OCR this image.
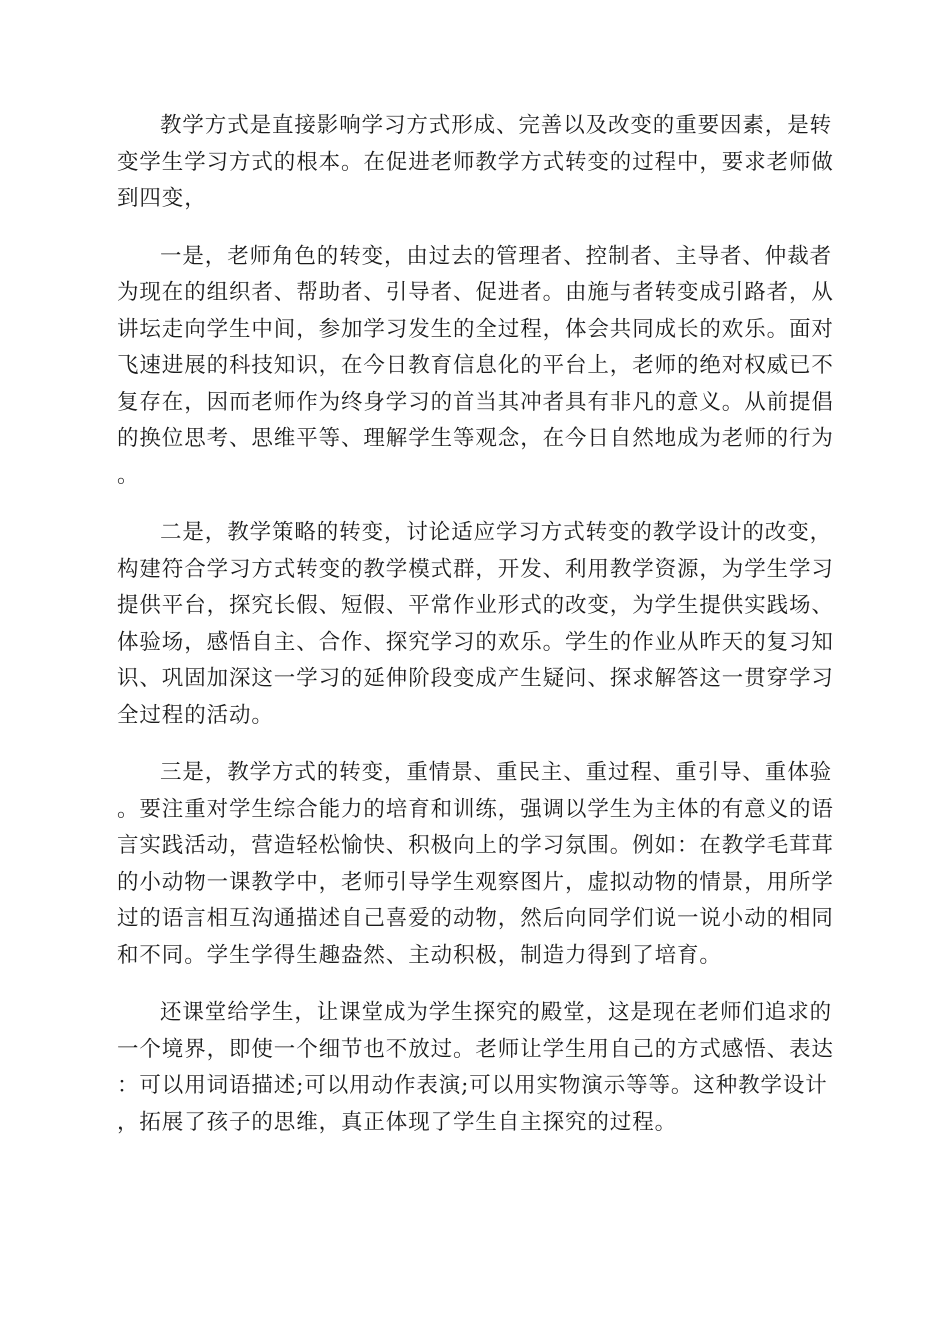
教学方式是直接影响学习方式形成、完善以及改变的重要因素，是转变学生学习方式的根本。在促进老师教学方式转变的过程中，要求老师做到四变，

一是，老师角色的转变，由过去的管理者、控制者、主导者、仲裁者为现在的组织者、帮助者、引导者、促进者。由施与者转变成引路者，从讲坛走向学生中间，参加学习发生的全过程，体会共同成长的欢乐。面对飞速进展的科技知识，在今日教育信息化的平台上，老师的绝对权威已不复存在，因而老师作为终身学习的首当其冲者具有非凡的意义。从前提倡的换位思考、思维平等、理解学生等观念，在今日自然地成为老师的行为。

二是，教学策略的转变，讨论适应学习方式转变的教学设计的改变，构建符合学习方式转变的教学模式群，开发、利用教学资源，为学生学习提供平台，探究长假、短假、平常作业形式的改变，为学生提供实践场、体验场，感悟自主、合作、探究学习的欢乐。学生的作业从昨天的复习知识、巩固加深这一学习的延伸阶段变成产生疑问、探求解答这一贯穿学习全过程的活动。

三是，教学方式的转变，重情景、重民主、重过程、重引导、重体验。要注重对学生综合能力的培育和训练，强调以学生为主体的有意义的语言实践活动，营造轻松愉快、积极向上的学习氛围。例如：在教学毛茸茸的小动物一课教学中，老师引导学生观察图片，虚拟动物的情景，用所学过的语言相互沟通描述自己喜爱的动物，然后向同学们说一说小动的相同和不同。学生学得生趣盎然、主动积极，制造力得到了培育。

还课堂给学生，让课堂成为学生探究的殿堂，这是现在老师们追求的一个境界，即使一个细节也不放过。老师让学生用自己的方式感悟、表达：可以用词语描述;可以用动作表演;可以用实物演示等等。这种教学设计，拓展了孩子的思维，真正体现了学生自主探究的过程。
